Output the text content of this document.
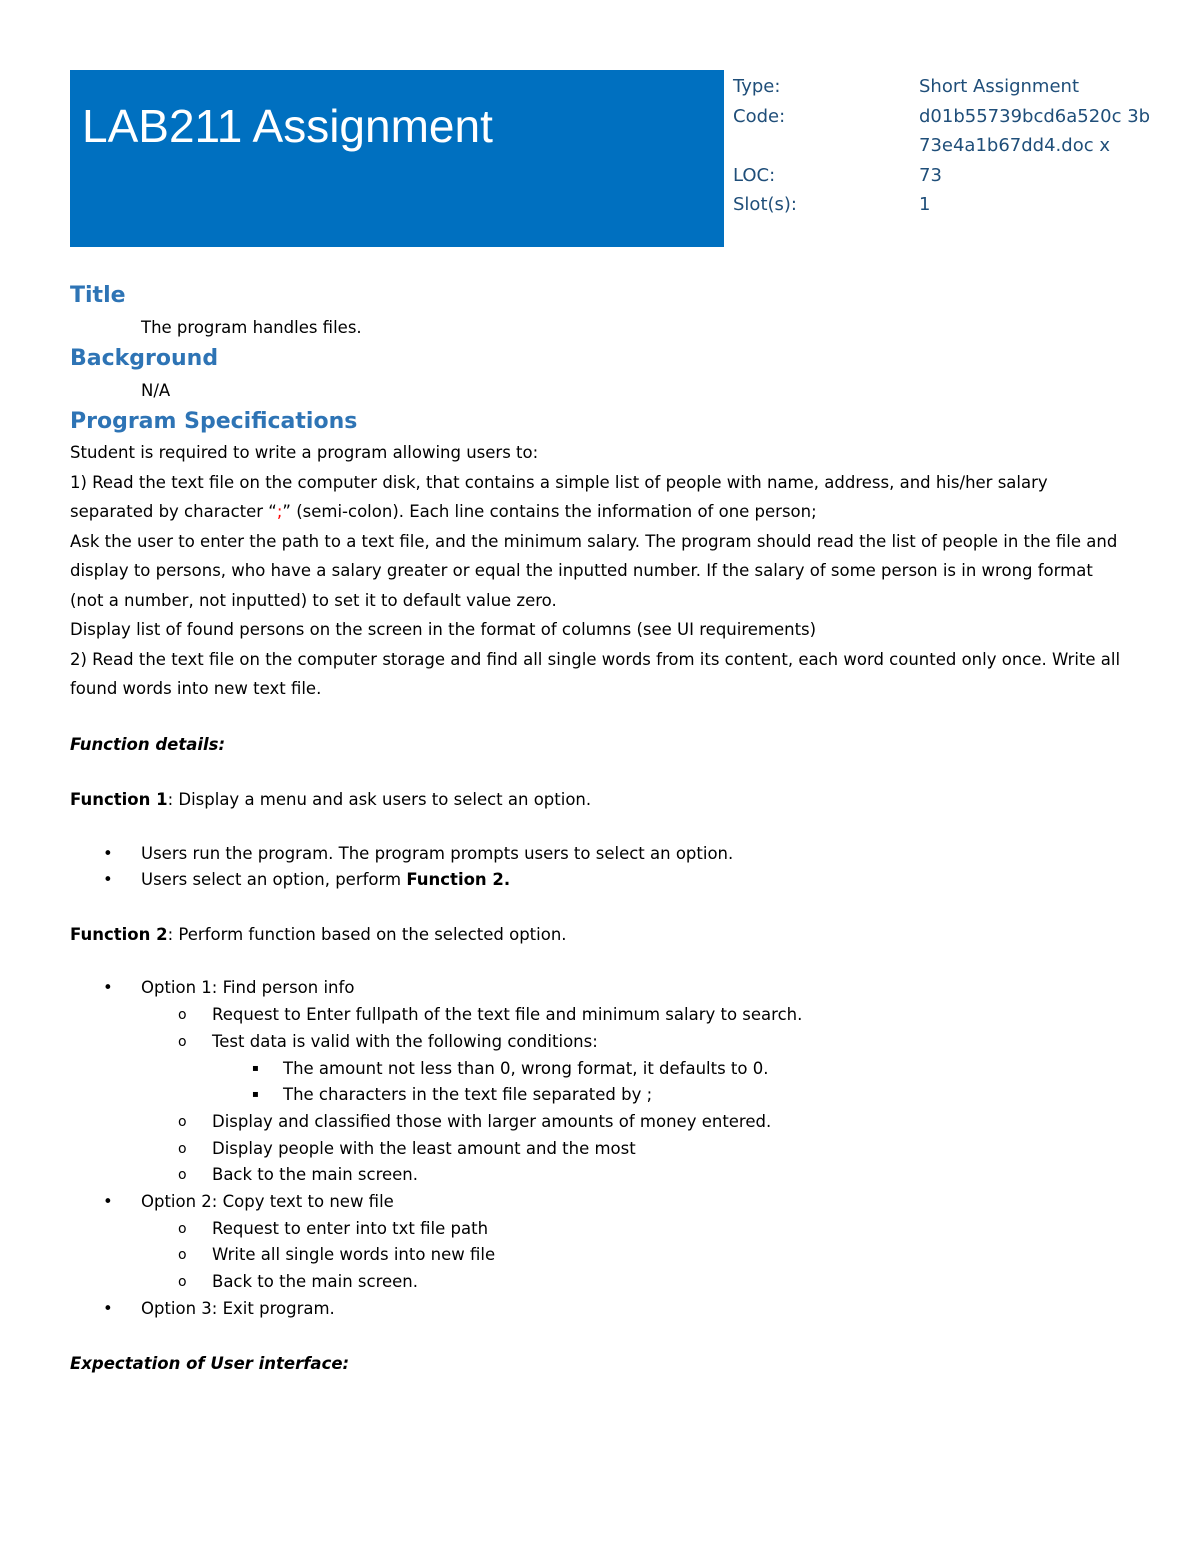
LAB211 Assignment
Type:	Short Assignment
Code:	d01b55739bcd6a520c 3b73e4a1b67dd4.doc x
LOC:	73
Slot(s):	1
Title
The program handles files.
Background
N/A
Program Specifications
Student is required to write a program allowing users to:
1) Read the text file on the computer disk, that contains a simple list of people with name, address, and his/her salary separated by character “;” (semi-colon). Each line contains the information of one person;
Ask the user to enter the path to a text file, and the minimum salary. The program should read the list of people in the file and display to persons, who have a salary greater or equal the inputted number. If the salary of some person is in wrong format (not a number, not inputted) to set it to default value zero.
Display list of found persons on the screen in the format of columns (see UI requirements)
2) Read the text file on the computer storage and find all single words from its content, each word counted only once. Write all found words into new text file.
Function details:
Function 1: Display a menu and ask users to select an option.
• Users run the program. The program prompts users to select an option.
• Users select an option, perform Function 2.
Function 2: Perform function based on the selected option.
• Option 1: Find person info
o Request to Enter fullpath of the text file and minimum salary to search.
o Test data is valid with the following conditions:
▪ The amount not less than 0, wrong format, it defaults to 0.
▪ The characters in the text file separated by ;
o Display and classified those with larger amounts of money entered.
o Display people with the least amount and the most
o Back to the main screen.
• Option 2: Copy text to new file
o Request to enter into txt file path
o Write all single words into new file
o Back to the main screen.
• Option 3: Exit program.
Expectation of User interface:
